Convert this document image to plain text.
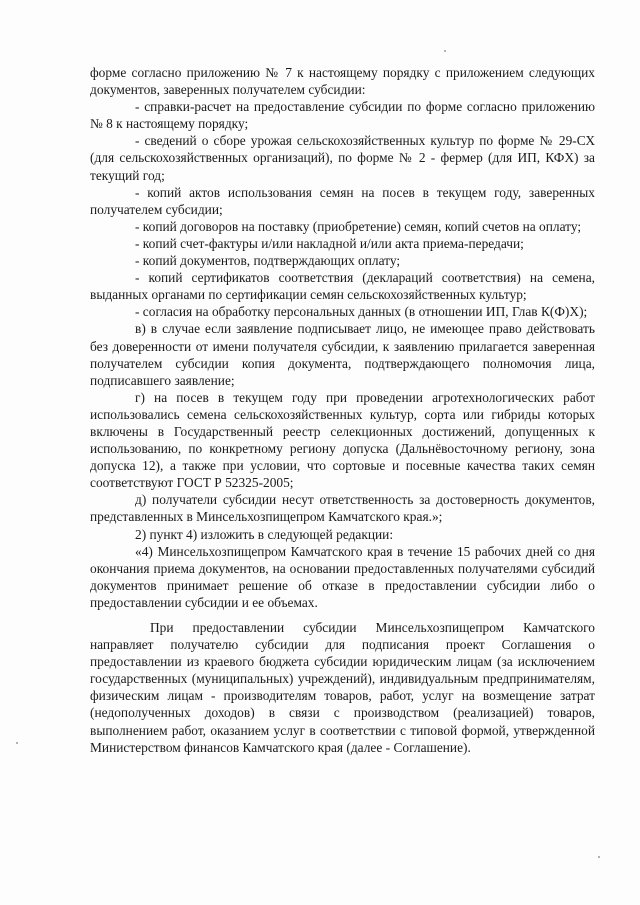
форме согласно приложению № 7 к настоящему порядку с приложением следующих документов, заверенных получателем субсидии:

- справки-расчет на предоставление субсидии по форме согласно приложению № 8 к настоящему порядку;

- сведений о сборе урожая сельскохозяйственных культур по форме № 29-СХ (для сельскохозяйственных организаций), по форме № 2 - фермер (для ИП, КФХ) за текущий год;

- копий актов использования семян на посев в текущем году, заверенных получателем субсидии;

- копий договоров на поставку (приобретение) семян, копий счетов на оплату;

- копий счет-фактуры и/или накладной и/или акта приема-передачи;

- копий документов, подтверждающих оплату;

- копий сертификатов соответствия (деклараций соответствия) на семена, выданных органами по сертификации семян сельскохозяйственных культур;

- согласия на обработку персональных данных (в отношении ИП, Глав К(Ф)Х);

в) в случае если заявление подписывает лицо, не имеющее право действовать без доверенности от имени получателя субсидии, к заявлению прилагается заверенная получателем субсидии копия документа, подтверждающего полномочия лица, подписавшего заявление;

г) на посев в текущем году при проведении агротехнологических работ использовались семена сельскохозяйственных культур, сорта или гибриды которых включены в Государственный реестр селекционных достижений, допущенных к использованию, по конкретному региону допуска (Дальнёвосточному региону, зона допуска 12), а также при условии, что сортовые и посевные качества таких семян соответствуют ГОСТ Р 52325-2005;

д) получатели субсидии несут ответственность за достоверность документов, представленных в Минсельхозпищепром Камчатского края.»;

2) пункт 4) изложить в следующей редакции:

«4) Минсельхозпищепром Камчатского края в течение 15 рабочих дней со дня окончания приема документов, на основании предоставленных получателями субсидий документов принимает решение об отказе в предоставлении субсидии либо о предоставлении субсидии и ее объемах.

При предоставлении субсидии Минсельхозпищепром Камчатского направляет получателю субсидии для подписания проект Соглашения о предоставлении из краевого бюджета субсидии юридическим лицам (за исключением государственных (муниципальных) учреждений), индивидуальным предпринимателям, физическим лицам - производителям товаров, работ, услуг на возмещение затрат (недополученных доходов) в связи с производством (реализацией) товаров, выполнением работ, оказанием услуг в соответствии с типовой формой, утвержденной Министерством финансов Камчатского края (далее - Соглашение).
